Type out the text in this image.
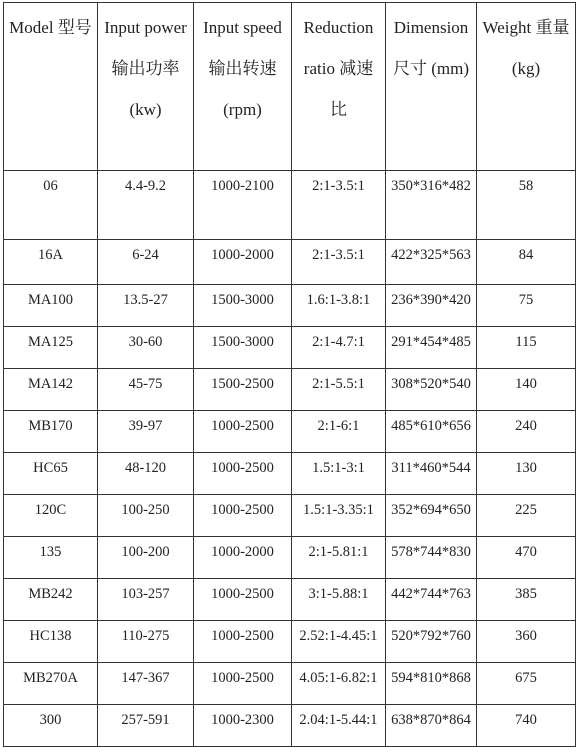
Model 型号	Input power 输出功率 (kw)	Input speed 输出转速 (rpm)	Reduction ratio 减速比	Dimension 尺寸 (mm)	Weight 重量 (kg)
06	4.4-9.2	1000-2100	2:1-3.5:1	350*316*482	58
16A	6-24	1000-2000	2:1-3.5:1	422*325*563	84
MA100	13.5-27	1500-3000	1.6:1-3.8:1	236*390*420	75
MA125	30-60	1500-3000	2:1-4.7:1	291*454*485	115
MA142	45-75	1500-2500	2:1-5.5:1	308*520*540	140
MB170	39-97	1000-2500	2:1-6:1	485*610*656	240
HC65	48-120	1000-2500	1.5:1-3:1	311*460*544	130
120C	100-250	1000-2500	1.5:1-3.35:1	352*694*650	225
135	100-200	1000-2000	2:1-5.81:1	578*744*830	470
MB242	103-257	1000-2500	3:1-5.88:1	442*744*763	385
HC138	110-275	1000-2500	2.52:1-4.45:1	520*792*760	360
MB270A	147-367	1000-2500	4.05:1-6.82:1	594*810*868	675
300	257-591	1000-2300	2.04:1-5.44:1	638*870*864	740
